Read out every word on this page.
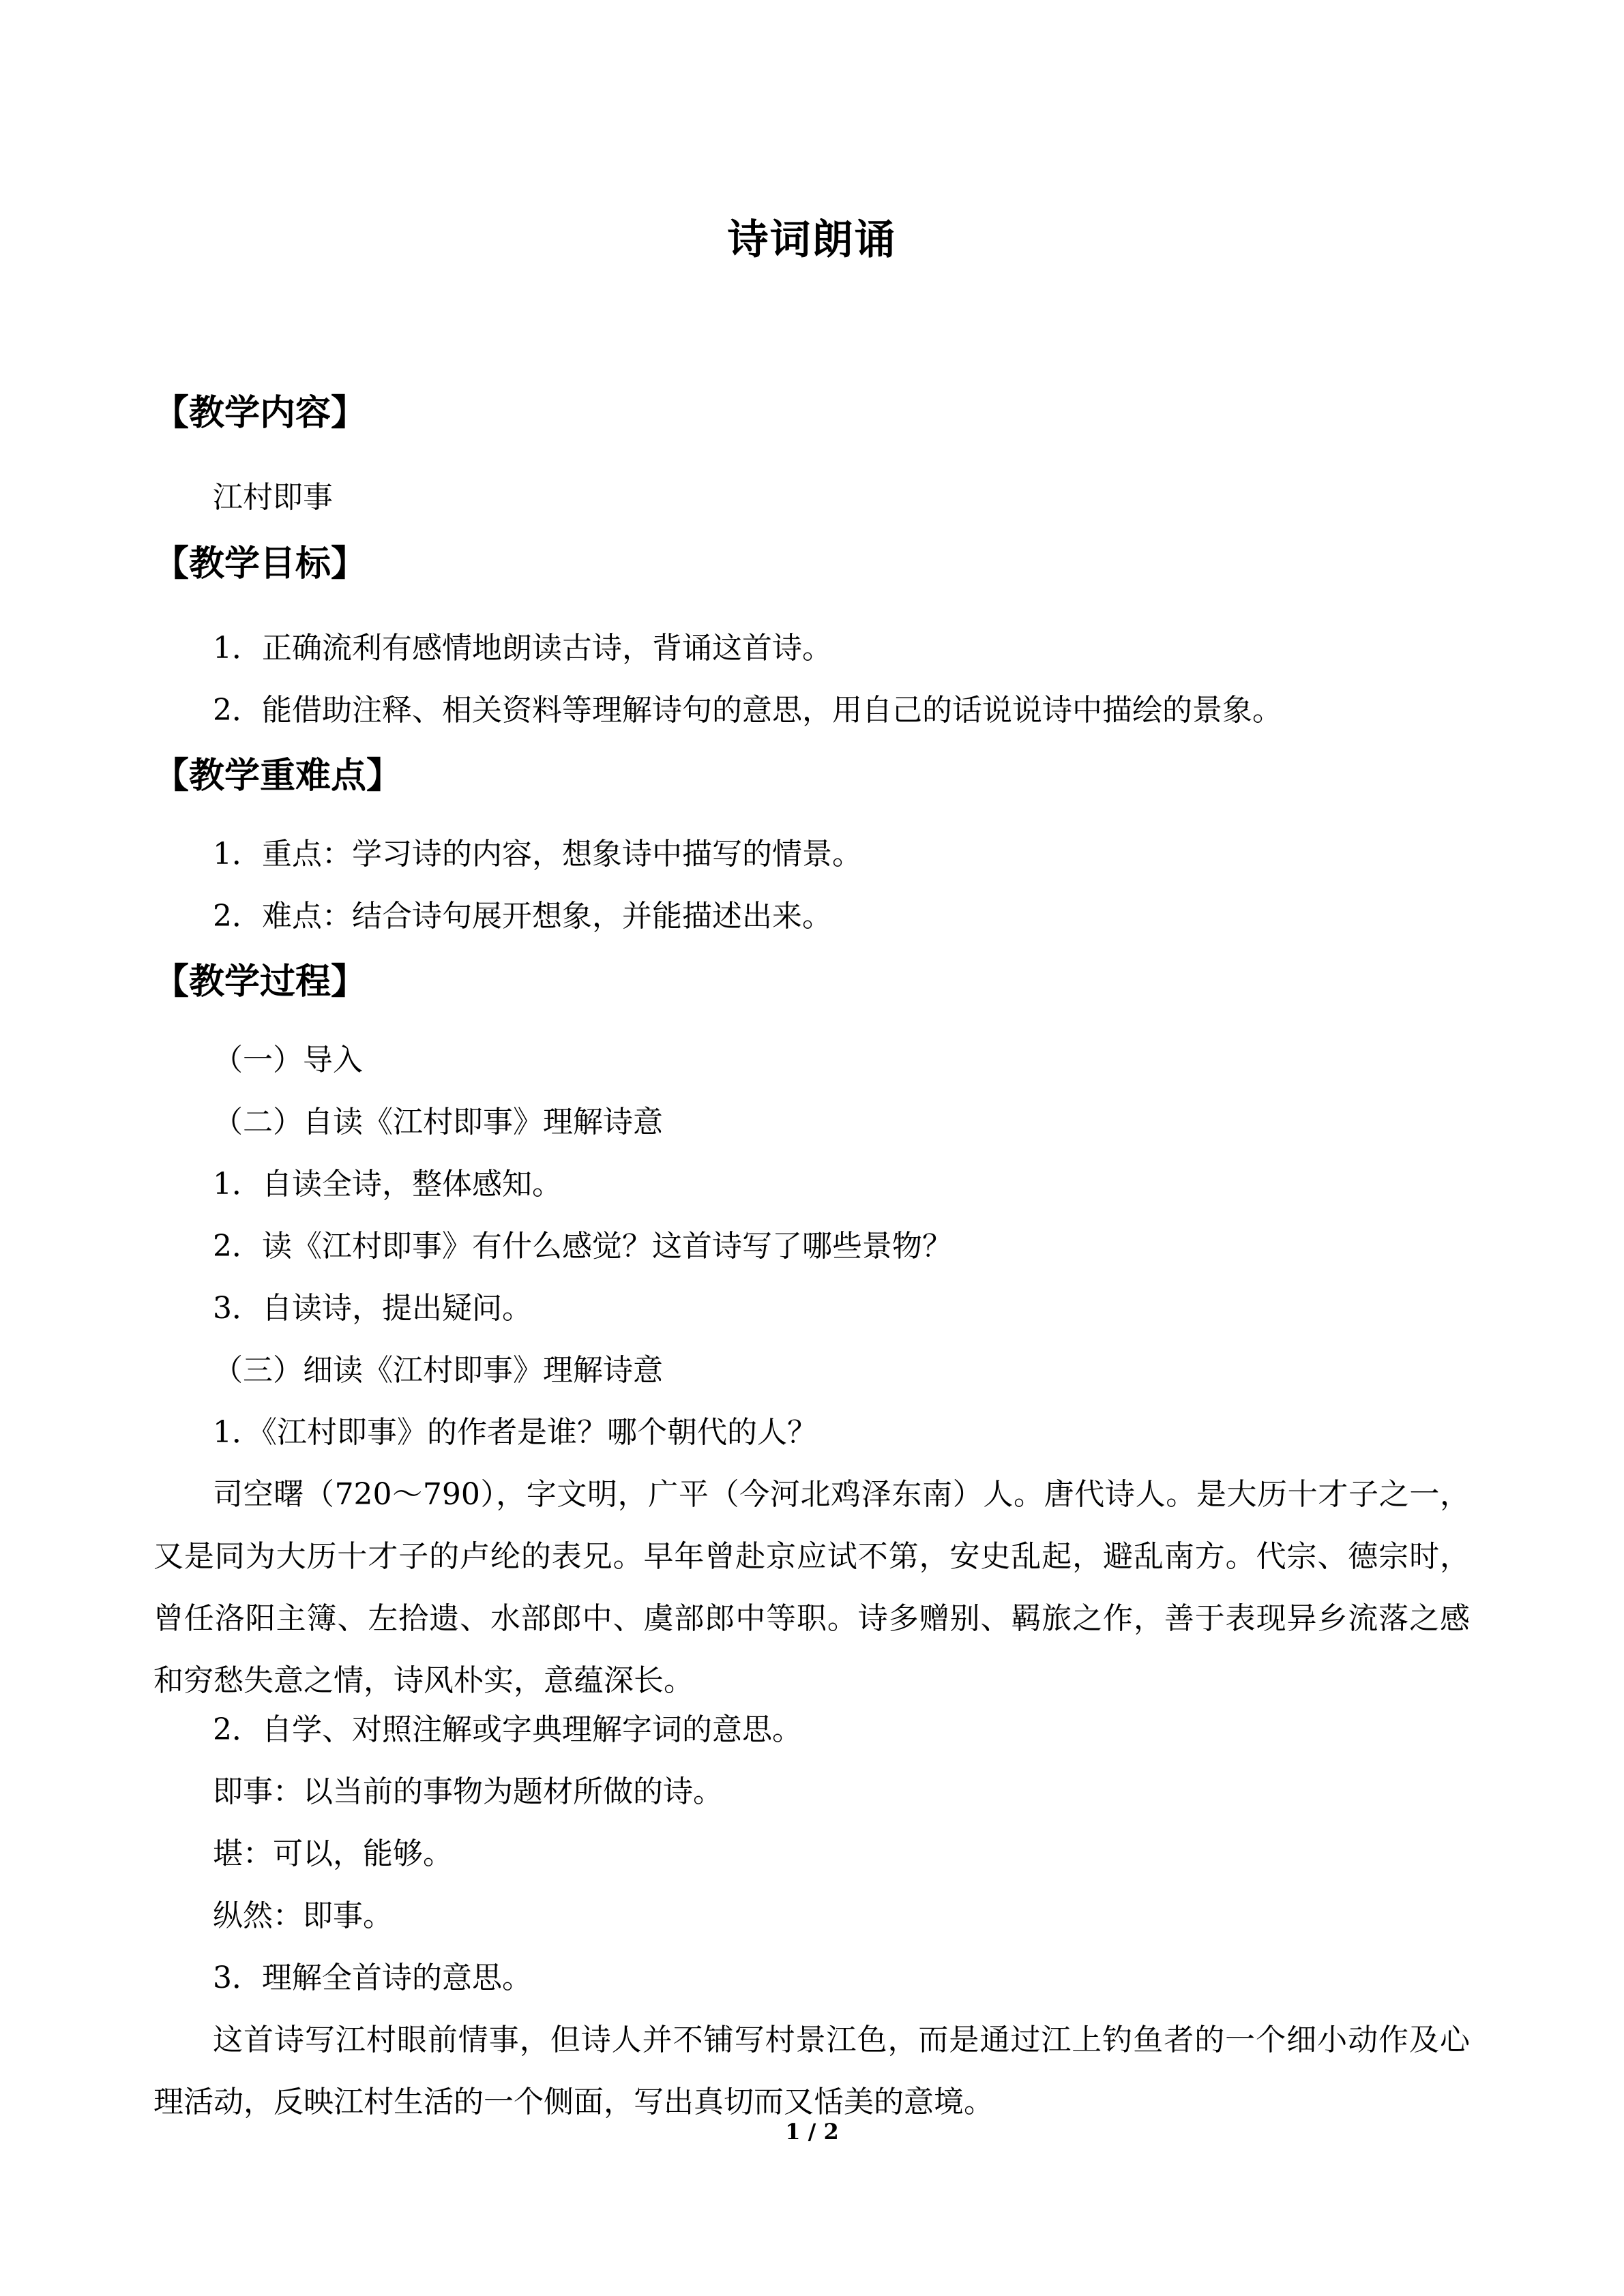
诗词朗诵
【教学内容】
江村即事
【教学目标】
1．正确流利有感情地朗读古诗，背诵这首诗。
2．能借助注释、相关资料等理解诗句的意思，用自己的话说说诗中描绘的景象。
【教学重难点】
1．重点：学习诗的内容，想象诗中描写的情景。
2．难点：结合诗句展开想象，并能描述出来。
【教学过程】
（一）导入
（二）自读《江村即事》理解诗意
1．自读全诗，整体感知。
2．读《江村即事》有什么感觉？这首诗写了哪些景物？
3．自读诗，提出疑问。
（三）细读《江村即事》理解诗意
1．《江村即事》的作者是谁？哪个朝代的人？
司空曙（720～790），字文明，广平（今河北鸡泽东南）人。唐代诗人。是大历十才子之一，又是同为大历十才子的卢纶的表兄。早年曾赴京应试不第，安史乱起，避乱南方。代宗、德宗时，曾任洛阳主簿、左拾遗、水部郎中、虞部郎中等职。诗多赠别、羁旅之作，善于表现异乡流落之感和穷愁失意之情，诗风朴实，意蕴深长。
2．自学、对照注解或字典理解字词的意思。
即事：以当前的事物为题材所做的诗。
堪：可以，能够。
纵然：即事。
3．理解全首诗的意思。
这首诗写江村眼前情事，但诗人并不铺写村景江色，而是通过江上钓鱼者的一个细小动作及心理活动，反映江村生活的一个侧面，写出真切而又恬美的意境。
1 / 2
